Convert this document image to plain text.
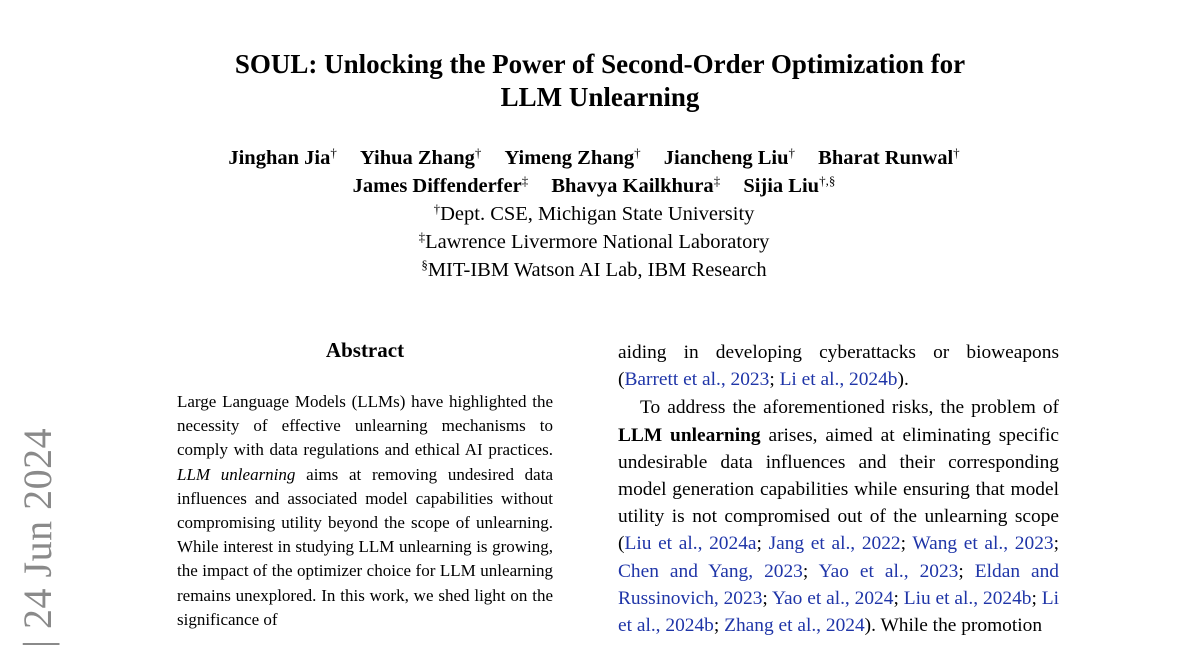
| 24 Jun 2024
SOUL: Unlocking the Power of Second-Order Optimization for
LLM Unlearning
Jinghan Jia† Yihua Zhang† Yimeng Zhang† Jiancheng Liu† Bharat Runwal†
James Diffenderfer‡ Bhavya Kailkhura‡ Sijia Liu†,§
†Dept. CSE, Michigan State University
‡Lawrence Livermore National Laboratory
§MIT-IBM Watson AI Lab, IBM Research
Abstract
Large Language Models (LLMs) have highlighted the necessity of effective unlearning mechanisms to comply with data regulations and ethical AI practices. LLM unlearning aims at removing undesired data influences and associated model capabilities without compromising utility beyond the scope of unlearning. While interest in studying LLM unlearning is growing, the impact of the optimizer choice for LLM unlearning remains unexplored. In this work, we shed light on the significance of

aiding in developing cyberattacks or bioweapons (Barrett et al., 2023; Li et al., 2024b).

To address the aforementioned risks, the problem of LLM unlearning arises, aimed at eliminating specific undesirable data influences and their corresponding model generation capabilities while ensuring that model utility is not compromised out of the unlearning scope (Liu et al., 2024a; Jang et al., 2022; Wang et al., 2023; Chen and Yang, 2023; Yao et al., 2023; Eldan and Russinovich, 2023; Yao et al., 2024; Liu et al., 2024b; Li et al., 2024b; Zhang et al., 2024). While the promotion
